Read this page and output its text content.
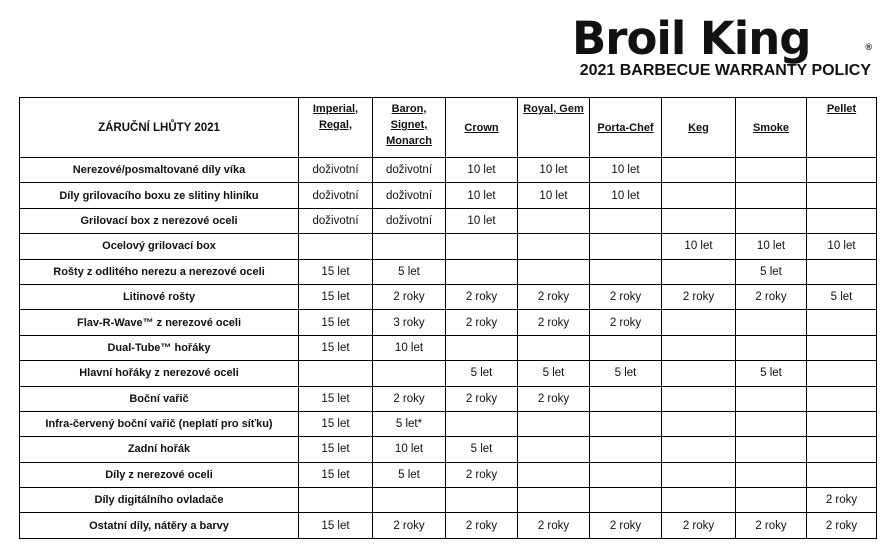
Broil King	®
2021 BARBECUE WARRANTY POLICY
ZÁRUČNÍ LHŮTY 2021	Imperial, Regal,	Baron, Signet, Monarch	Crown	Royal, Gem	Porta-Chef	Keg	Smoke	Pellet
Nerezové/posmaltované díly víka	doživotní	doživotní	10 let	10 let	10 let			
Díly grilovacího boxu ze slitiny hliníku	doživotní	doživotní	10 let	10 let	10 let			
Grilovací box z nerezové oceli	doživotní	doživotní	10 let					
Ocelový grilovací box						10 let	10 let	10 let
Rošty z odlitého nerezu a nerezové oceli	15 let	5 let					5 let	
Litinové rošty	15 let	2 roky	2 roky	2 roky	2 roky	2 roky	2 roky	5 let
Flav-R-Wave™ z nerezové oceli	15 let	3 roky	2 roky	2 roky	2 roky			
Dual-Tube™ hořáky	15 let	10 let						
Hlavní hořáky z nerezové oceli			5 let	5 let	5 let		5 let	
Boční vařič	15 let	2 roky	2 roky	2 roky				
Infra-červený boční vařič (neplatí pro síťku)	15 let	5 let*						
Zadní hořák	15 let	10 let	5 let					
Díly z nerezové oceli	15 let	5 let	2 roky					
Díly digitálního ovladače								2 roky
Ostatní díly, nátěry a barvy	15 let	2 roky	2 roky	2 roky	2 roky	2 roky	2 roky	2 roky
